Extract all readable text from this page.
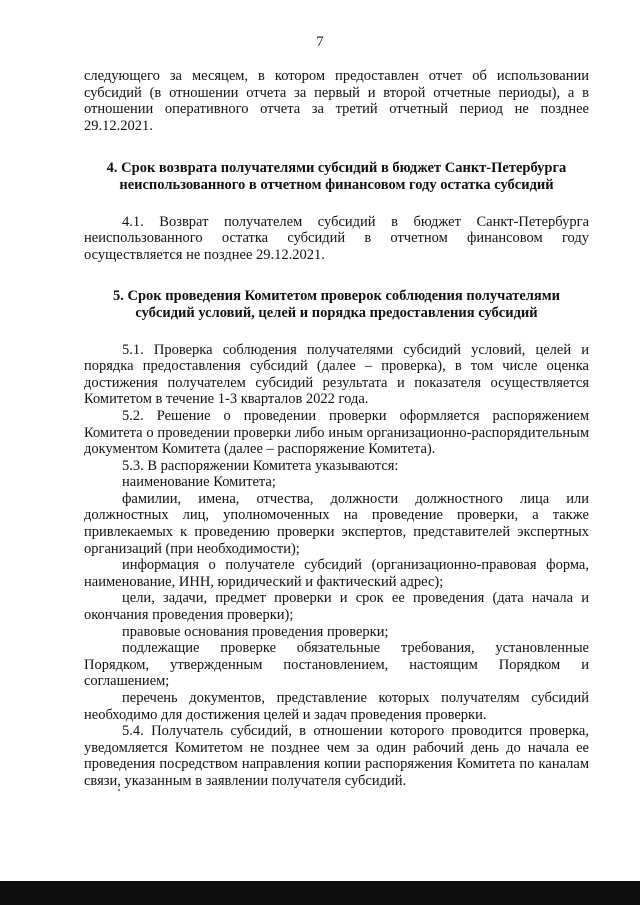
7

следующего за месяцем, в котором предоставлен отчет об использовании субсидий (в отношении отчета за первый и второй отчетные периоды), а в отношении оперативного отчета за третий отчетный период не позднее 29.12.2021.

4. Срок возврата получателями субсидий в бюджет Санкт-Петербурга неиспользованного в отчетном финансовом году остатка субсидий

4.1. Возврат получателем субсидий в бюджет Санкт-Петербурга неиспользованного остатка субсидий в отчетном финансовом году осуществляется не позднее 29.12.2021.

5. Срок проведения Комитетом проверок соблюдения получателями субсидий условий, целей и порядка предоставления субсидий

5.1. Проверка соблюдения получателями субсидий условий, целей и порядка предоставления субсидий (далее – проверка), в том числе оценка достижения получателем субсидий результата и показателя осуществляется Комитетом в течение 1-3 кварталов 2022 года.

5.2. Решение о проведении проверки оформляется распоряжением Комитета о проведении проверки либо иным организационно-распорядительным документом Комитета (далее – распоряжение Комитета).

5.3. В распоряжении Комитета указываются:

наименование Комитета;

фамилии, имена, отчества, должности должностного лица или должностных лиц, уполномоченных на проведение проверки, а также привлекаемых к проведению проверки экспертов, представителей экспертных организаций (при необходимости);

информация о получателе субсидий (организационно-правовая форма, наименование, ИНН, юридический и фактический адрес);

цели, задачи, предмет проверки и срок ее проведения (дата начала и окончания проведения проверки);

правовые основания проведения проверки;

подлежащие проверке обязательные требования, установленные Порядком, утвержденным постановлением, настоящим Порядком и соглашением;

перечень документов, представление которых получателям субсидий необходимо для достижения целей и задач проведения проверки.

5.4. Получатель субсидий, в отношении которого проводится проверка, уведомляется Комитетом не позднее чем за один рабочий день до начала ее проведения посредством направления копии распоряжения Комитета по каналам связи, указанным в заявлении получателя субсидий.
